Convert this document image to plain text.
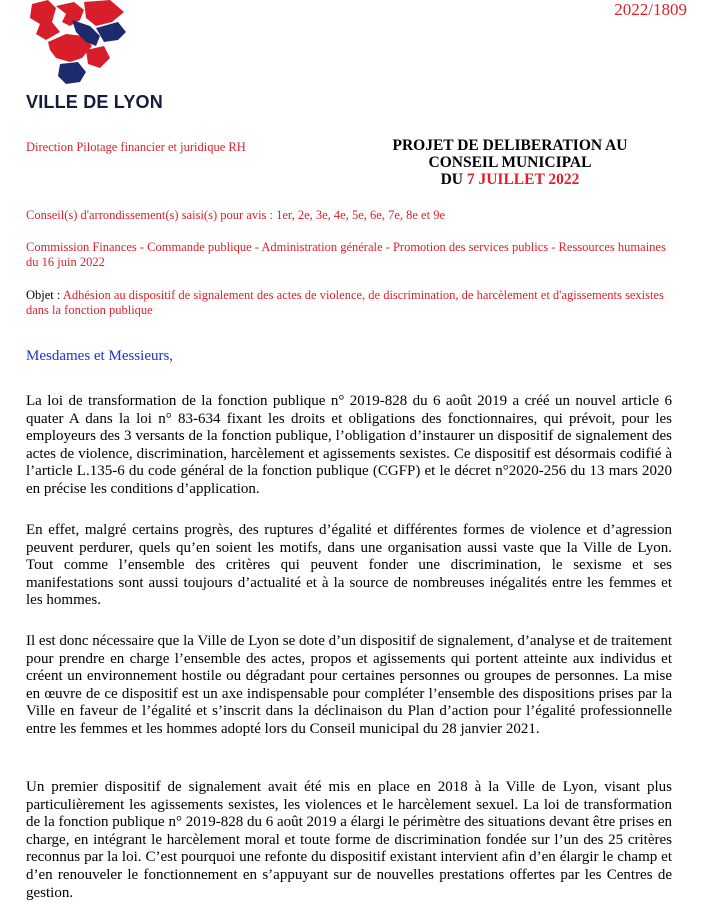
VILLE DE LYON
2022/1809
Direction Pilotage financier et juridique RH	PROJET DE DELIBERATION AU
CONSEIL MUNICIPAL
DU 7 JUILLET 2022
Conseil(s) d'arrondissement(s) saisi(s) pour avis : 1er, 2e, 3e, 4e, 5e, 6e, 7e, 8e et 9e
Commission Finances - Commande publique - Administration générale - Promotion des services publics - Ressources humaines du 16 juin 2022
Objet : Adhésion au dispositif de signalement des actes de violence, de discrimination, de harcèlement et d'agissements sexistes dans la fonction publique
Mesdames et Messieurs,

La loi de transformation de la fonction publique n° 2019-828 du 6 août 2019 a créé un nouvel article 6 quater A dans la loi n° 83-634 fixant les droits et obligations des fonctionnaires, qui prévoit, pour les employeurs des 3 versants de la fonction publique, l’obligation d’instaurer un dispositif de signalement des actes de violence, discrimination, harcèlement et agissements sexistes. Ce dispositif est désormais codifié à l’article L.135-6 du code général de la fonction publique (CGFP) et le décret n°2020-256 du 13 mars 2020 en précise les conditions d’application.

En effet, malgré certains progrès, des ruptures d’égalité et différentes formes de violence et d’agression peuvent perdurer, quels qu’en soient les motifs, dans une organisation aussi vaste que la Ville de Lyon. Tout comme l’ensemble des critères qui peuvent fonder une discrimination, le sexisme et ses manifestations sont aussi toujours d’actualité et à la source de nombreuses inégalités entre les femmes et les hommes.

Il est donc nécessaire que la Ville de Lyon se dote d’un dispositif de signalement, d’analyse et de traitement pour prendre en charge l’ensemble des actes, propos et agissements qui portent atteinte aux individus et créent un environnement hostile ou dégradant pour certaines personnes ou groupes de personnes. La mise en œuvre de ce dispositif est un axe indispensable pour compléter l’ensemble des dispositions prises par la Ville en faveur de l’égalité et s’inscrit dans la déclinaison du Plan d’action pour l’égalité professionnelle entre les femmes et les hommes adopté lors du Conseil municipal du 28 janvier 2021.

Un premier dispositif de signalement avait été mis en place en 2018 à la Ville de Lyon, visant plus particulièrement les agissements sexistes, les violences et le harcèlement sexuel. La loi de transformation de la fonction publique n° 2019-828 du 6 août 2019 a élargi le périmètre des situations devant être prises en charge, en intégrant le harcèlement moral et toute forme de discrimination fondée sur l’un des 25 critères reconnus par la loi. C’est pourquoi une refonte du dispositif existant intervient afin d’en élargir le champ et d’en renouveler le fonctionnement en s’appuyant sur de nouvelles prestations offertes par les Centres de gestion.
